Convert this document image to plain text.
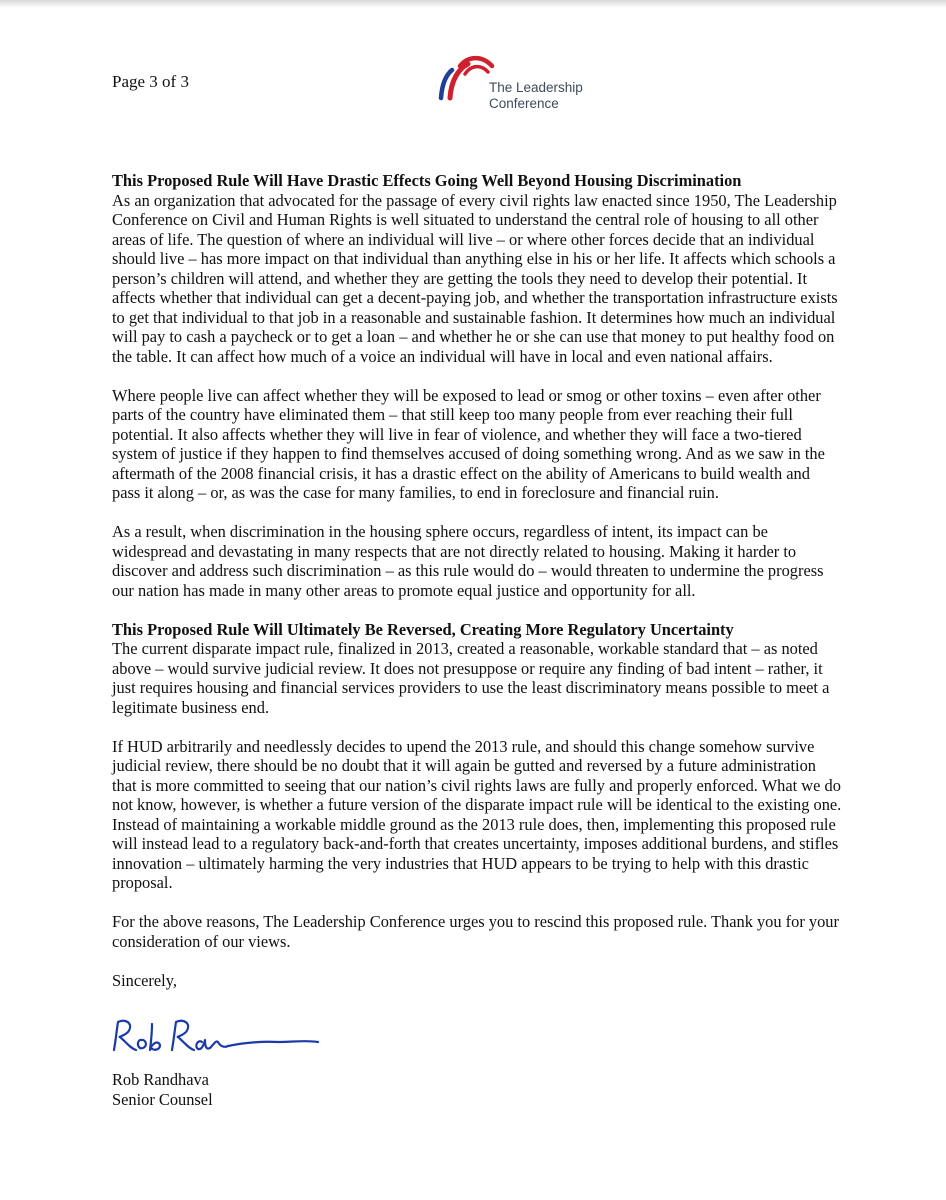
Page 3 of 3	The Leadership
Conference

This Proposed Rule Will Have Drastic Effects Going Well Beyond Housing Discrimination

As an organization that advocated for the passage of every civil rights law enacted since 1950, The Leadership Conference on Civil and Human Rights is well situated to understand the central role of housing to all other areas of life. The question of where an individual will live – or where other forces decide that an individual should live – has more impact on that individual than anything else in his or her life. It affects which schools a person’s children will attend, and whether they are getting the tools they need to develop their potential. It affects whether that individual can get a decent-paying job, and whether the transportation infrastructure exists to get that individual to that job in a reasonable and sustainable fashion. It determines how much an individual will pay to cash a paycheck or to get a loan – and whether he or she can use that money to put healthy food on the table. It can affect how much of a voice an individual will have in local and even national affairs.

Where people live can affect whether they will be exposed to lead or smog or other toxins – even after other parts of the country have eliminated them – that still keep too many people from ever reaching their full potential. It also affects whether they will live in fear of violence, and whether they will face a two-tiered system of justice if they happen to find themselves accused of doing something wrong. And as we saw in the aftermath of the 2008 financial crisis, it has a drastic effect on the ability of Americans to build wealth and pass it along – or, as was the case for many families, to end in foreclosure and financial ruin.

As a result, when discrimination in the housing sphere occurs, regardless of intent, its impact can be widespread and devastating in many respects that are not directly related to housing. Making it harder to discover and address such discrimination – as this rule would do – would threaten to undermine the progress our nation has made in many other areas to promote equal justice and opportunity for all.

This Proposed Rule Will Ultimately Be Reversed, Creating More Regulatory Uncertainty

The current disparate impact rule, finalized in 2013, created a reasonable, workable standard that – as noted above – would survive judicial review. It does not presuppose or require any finding of bad intent – rather, it just requires housing and financial services providers to use the least discriminatory means possible to meet a legitimate business end.

If HUD arbitrarily and needlessly decides to upend the 2013 rule, and should this change somehow survive judicial review, there should be no doubt that it will again be gutted and reversed by a future administration that is more committed to seeing that our nation’s civil rights laws are fully and properly enforced. What we do not know, however, is whether a future version of the disparate impact rule will be identical to the existing one. Instead of maintaining a workable middle ground as the 2013 rule does, then, implementing this proposed rule will instead lead to a regulatory back-and-forth that creates uncertainty, imposes additional burdens, and stifles innovation – ultimately harming the very industries that HUD appears to be trying to help with this drastic proposal.

For the above reasons, The Leadership Conference urges you to rescind this proposed rule. Thank you for your consideration of our views.

Sincerely,

Rob Randhava
Senior Counsel
